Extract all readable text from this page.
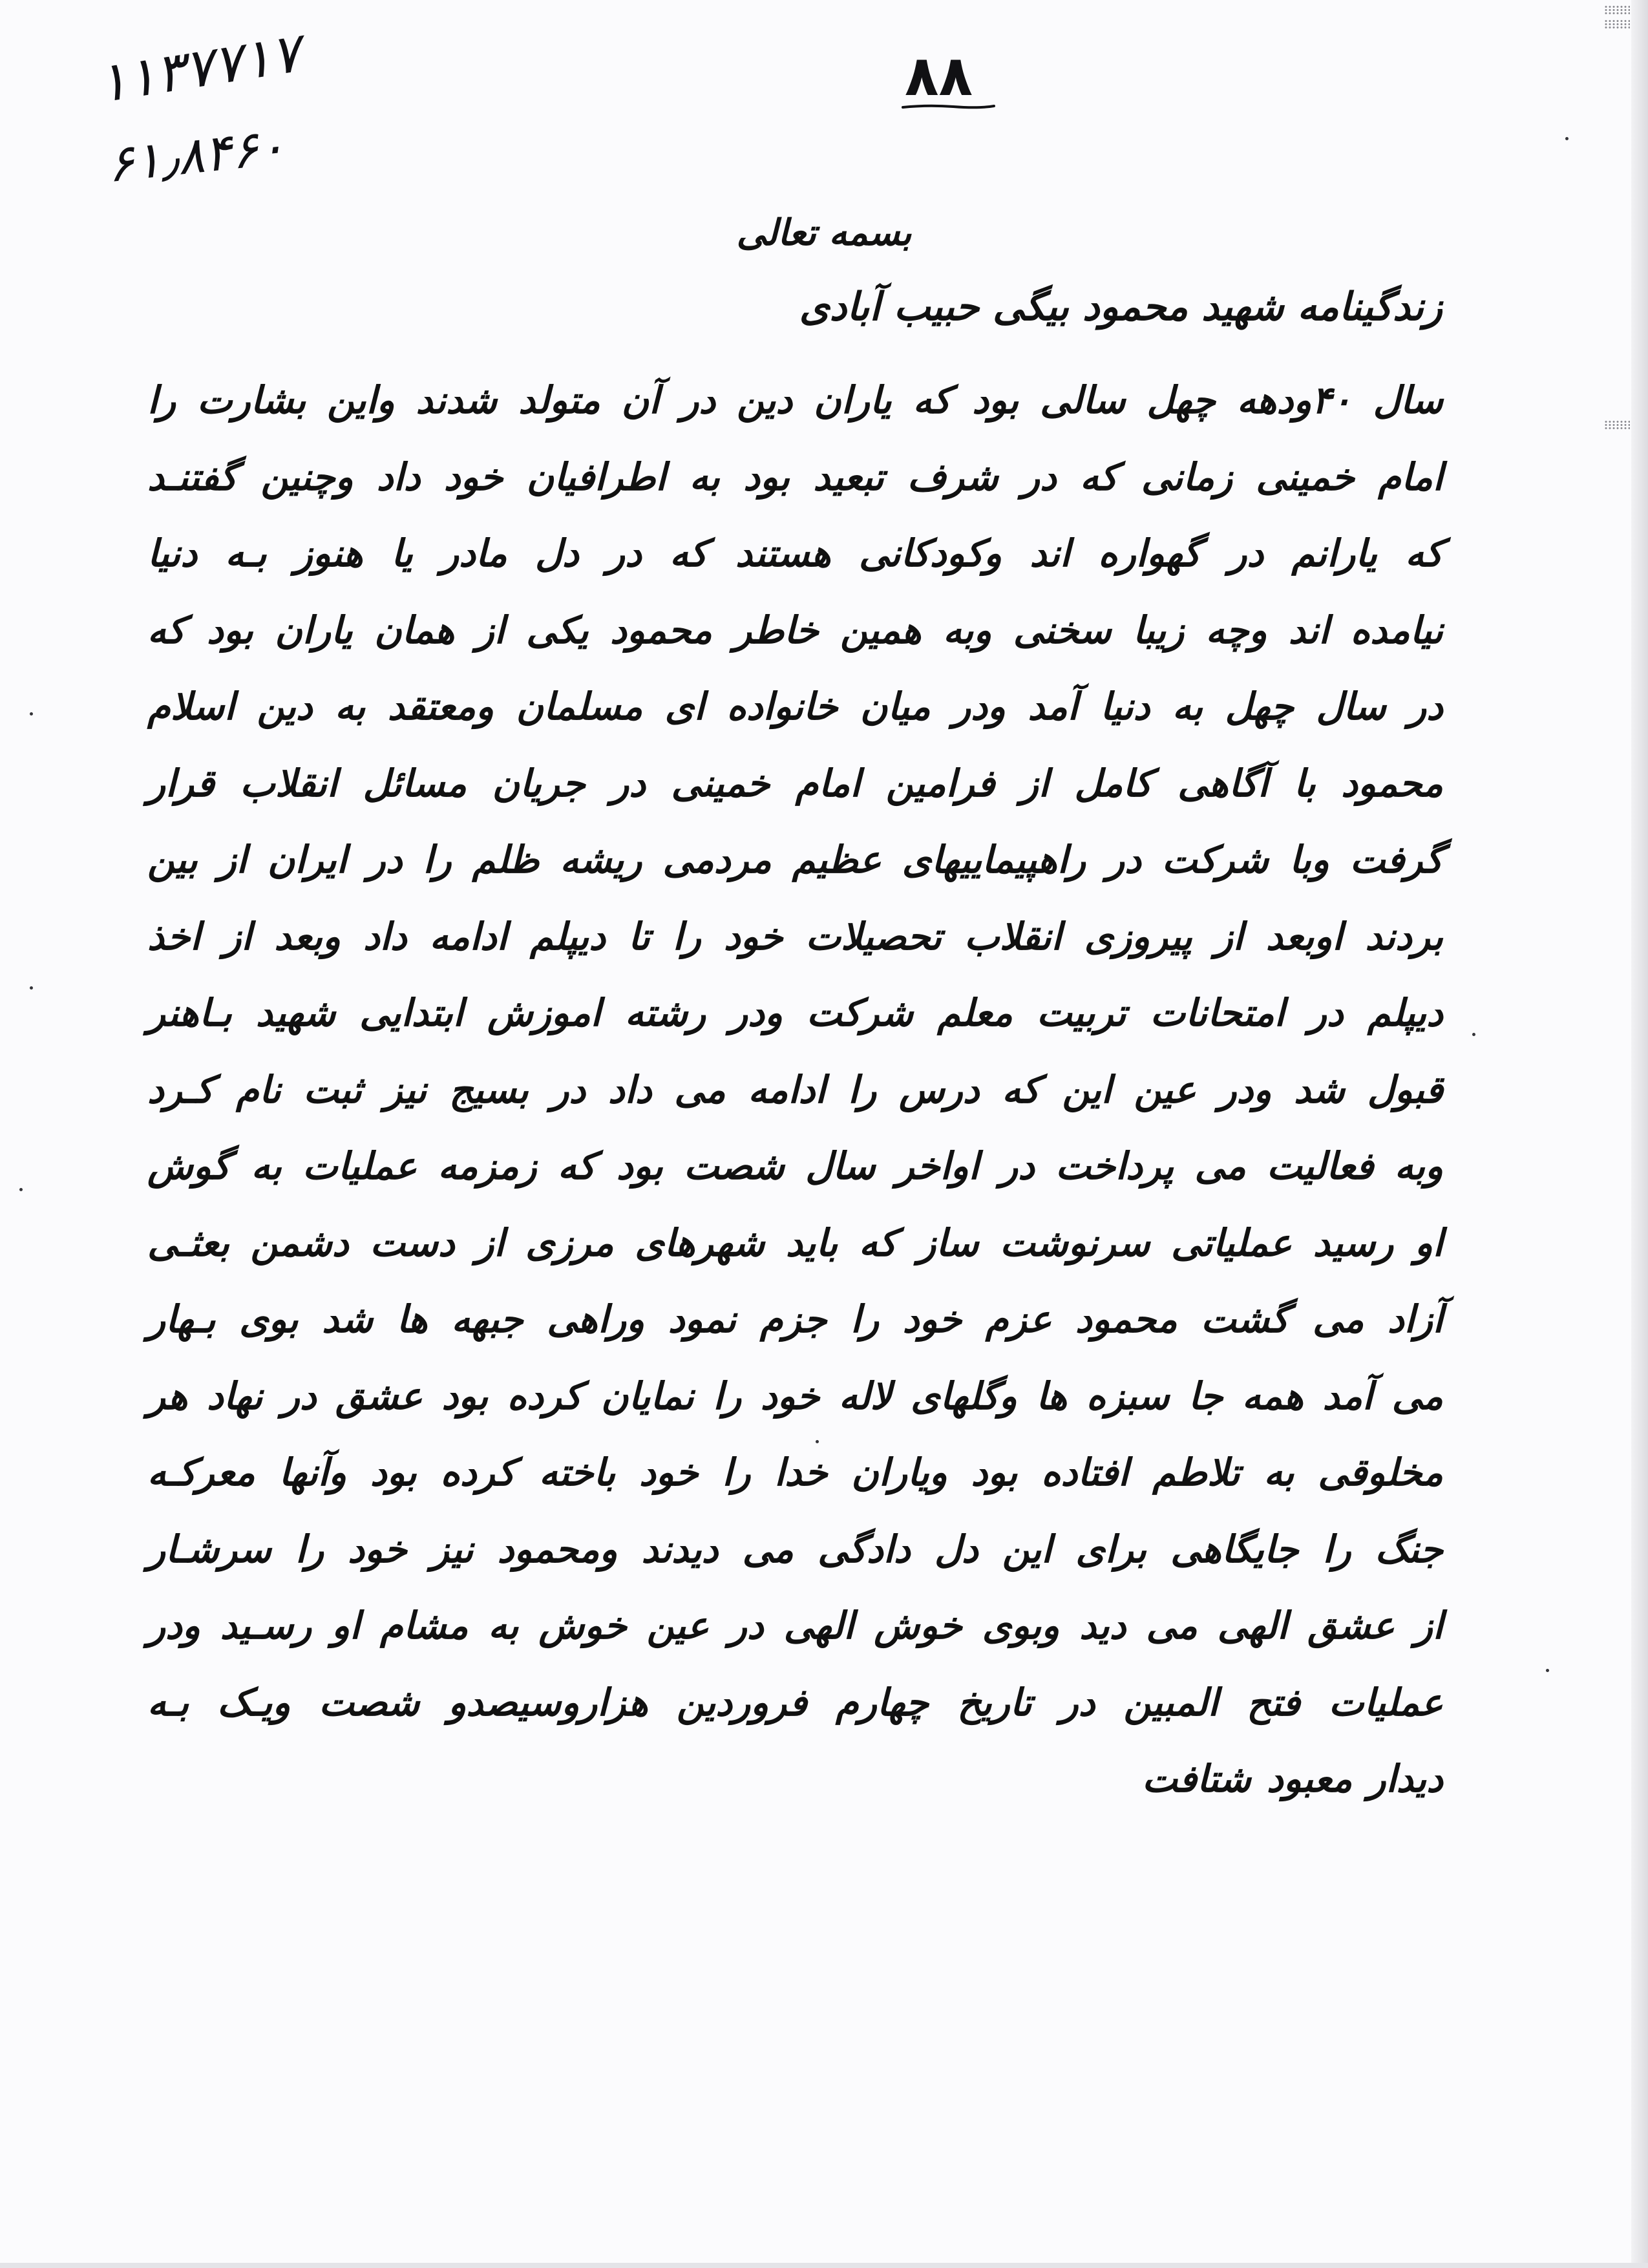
۱۱۳۷۷۱۷
۶۱٫۸۴۶۰
۸۸
بسمه تعالی
زندگینامه شهید محمود بیگی حبیب آبادی
سال ۴۰ودهه چهل سالی بود که یاران دین در آن متولد شدند واین بشارت را
امام خمینی زمانی که در شرف تبعید بود به اطرافیان خود داد وچنین گفتنـد
که یارانم در گهواره اند وکودکانی هستند که در دل مادر یا هنوز بـه دنیا
نیامده اند وچه زیبا سخنی وبه همین خاطر محمود یکی از همان یاران بود که
در سال چهل به دنیا آمد ودر میان خانواده ای مسلمان ومعتقد به دین اسلام
محمود با آگاهی کامل از فرامین امام خمینی در جریان مسائل انقلاب قرار
گرفت وبا شرکت در راهپیماییهای عظیم مردمی ریشه ظلم را در ایران از بین
بردند اوبعد از پیروزی انقلاب تحصیلات خود را تا دیپلم ادامه داد وبعد از اخذ
دیپلم در امتحانات تربیت معلم شرکت ودر رشته اموزش ابتدایی شهید بـاهنر
قبول شد ودر عین این که درس را ادامه می داد در بسیج نیز ثبت نام کـرد
وبه فعالیت می پرداخت در اواخر سال شصت بود که زمزمه عملیات به گوش
او رسید عملیاتی سرنوشت ساز که باید شهرهای مرزی از دست دشمن بعثـی
آزاد می گشت محمود عزم خود را جزم نمود وراهی جبهه ها شد بوی بـهار
می آمد همه جا سبزه ها وگلهای لاله خود را نمایان کرده بود عشق در نهاد هر
مخلوقی به تلاطم افتاده بود ویاران خدا را خود باخته کرده بود وآنها معرکـه
جنگ را جایگاهی برای این دل دادگی می دیدند ومحمود نیز خود را سرشـار
از عشق الهی می دید وبوی خوش الهی در عین خوش به مشام او رسـید ودر
عملیات فتح المبین در تاریخ چهارم فروردین هزاروسیصدو شصت ویـک بـه
دیدار معبود شتافت
